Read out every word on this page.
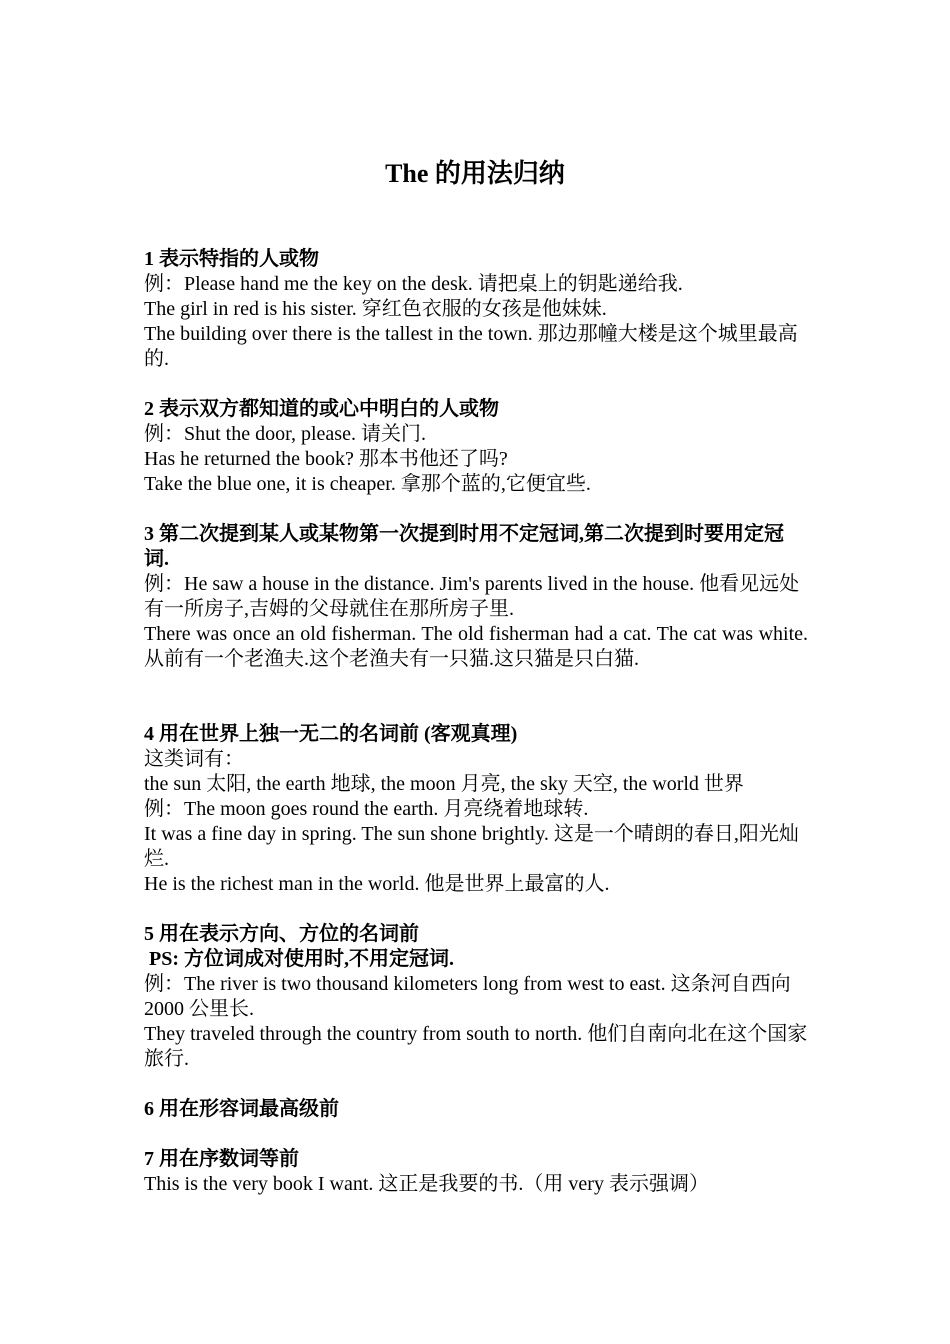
The 的用法归纳

1 表示特指的人或物

例：Please hand me the key on the desk. 请把桌上的钥匙递给我.

The girl in red is his sister. 穿红色衣服的女孩是他妹妹.

The building over there is the tallest in the town. 那边那幢大楼是这个城里最高的.

2 表示双方都知道的或心中明白的人或物

例：Shut the door, please. 请关门.

Has he returned the book? 那本书他还了吗?

Take the blue one, it is cheaper. 拿那个蓝的,它便宜些.

3 第二次提到某人或某物第一次提到时用不定冠词,第二次提到时要用定冠词.

例：He saw a house in the distance. Jim's parents lived in the house. 他看见远处有一所房子,吉姆的父母就住在那所房子里.

There was once an old fisherman. The old fisherman had a cat. The cat was white. 从前有一个老渔夫.这个老渔夫有一只猫.这只猫是只白猫.

4 用在世界上独一无二的名词前 (客观真理)

这类词有：

the sun 太阳, the earth 地球, the moon 月亮, the sky 天空, the world 世界

例：The moon goes round the earth. 月亮绕着地球转.

It was a fine day in spring. The sun shone brightly. 这是一个晴朗的春日,阳光灿烂.

He is the richest man in the world. 他是世界上最富的人.

5 用在表示方向、方位的名词前

PS: 方位词成对使用时,不用定冠词.

例：The river is two thousand kilometers long from west to east. 这条河自西向 2000 公里长.

They traveled through the country from south to north. 他们自南向北在这个国家旅行.

6 用在形容词最高级前

7 用在序数词等前

This is the very book I want. 这正是我要的书.（用 very 表示强调）
